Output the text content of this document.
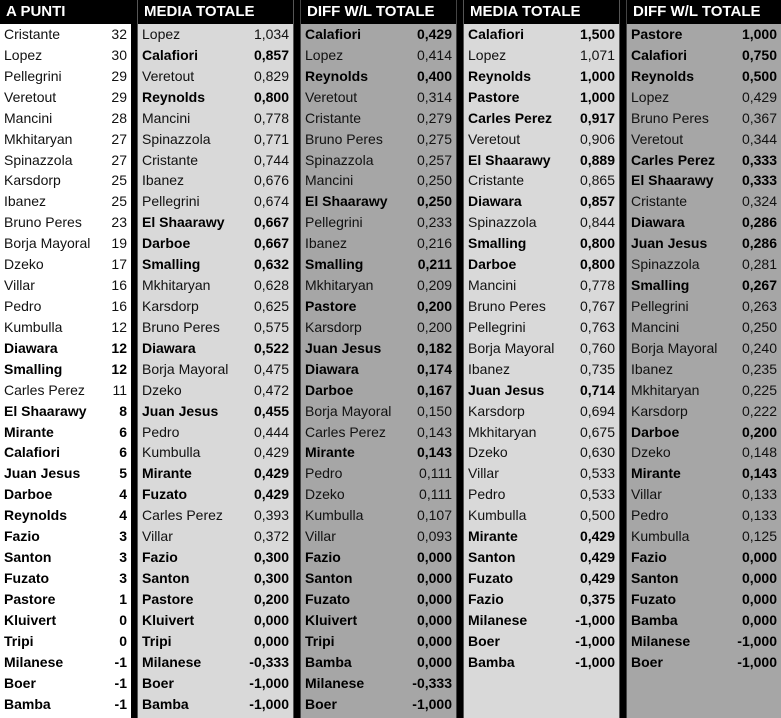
A PUNTI
Cristante	32
Lopez	30
Pellegrini	29
Veretout	29
Mancini	28
Mkhitaryan	27
Spinazzola	27
Karsdorp	25
Ibanez	25
Bruno Peres 23
Borja Mayoral 19
Dzeko	17
Villar	16
Pedro	16
Kumbulla	12
Diawara	12
Smalling	12
Carles Perez 11
El Shaarawy 8
Mirante	6
Calafiori	6
Juan Jesus	5
Darboe	4
Reynolds	4
Fazio	3
Santon	3
Fuzato	3
Pastore	1
Kluivert	0
Tripi	0
Milanese	-1
Boer	-1
Bamba	-1
MEDIA TOTALE
Lopez	1,034
Calafiori	0,857
Veretout	0,829
Reynolds	0,800
Mancini	0,778
Spinazzola	0,771
Cristante	0,744
Ibanez	0,676
Pellegrini	0,674
El Shaarawy 0,667
Darboe	0,667
Smalling	0,632
Mkhitaryan	0,628
Karsdorp	0,625
Bruno Peres 0,575
Diawara	0,522
Borja Mayoral 0,475
Dzeko	0,472
Juan Jesus	0,455
Pedro	0,444
Kumbulla	0,429
Mirante	0,429
Fuzato	0,429
Carles Perez 0,393
Villar	0,372
Fazio	0,300
Santon	0,300
Pastore	0,200
Kluivert	0,000
Tripi	0,000
Milanese	-0,333
Boer	-1,000
Bamba	-1,000
DIFF W/L TOTALE
Calafiori	0,429
Lopez	0,414
Reynolds	0,400
Veretout	0,314
Cristante	0,279
Bruno Peres 0,275
Spinazzola	0,257
Mancini	0,250
El Shaarawy 0,250
Pellegrini	0,233
Ibanez	0,216
Smalling	0,211
Mkhitaryan	0,209
Pastore	0,200
Karsdorp	0,200
Juan Jesus	0,182
Diawara	0,174
Darboe	0,167
Borja Mayoral 0,150
Carles Perez 0,143
Mirante	0,143
Pedro	0,111
Dzeko	0,111
Kumbulla	0,107
Villar	0,093
Fazio	0,000
Santon	0,000
Fuzato	0,000
Kluivert	0,000
Tripi	0,000
Bamba	0,000
Milanese	-0,333
Boer	-1,000
MEDIA TOTALE
Calafiori	1,500
Lopez	1,071
Reynolds	1,000
Pastore	1,000
Carles Perez 0,917
Veretout	0,906
El Shaarawy 0,889
Cristante	0,865
Diawara	0,857
Spinazzola	0,844
Smalling	0,800
Darboe	0,800
Mancini	0,778
Bruno Peres 0,767
Pellegrini	0,763
Borja Mayoral 0,760
Ibanez	0,735
Juan Jesus	0,714
Karsdorp	0,694
Mkhitaryan	0,675
Dzeko	0,630
Villar	0,533
Pedro	0,533
Kumbulla	0,500
Mirante	0,429
Santon	0,429
Fuzato	0,429
Fazio	0,375
Milanese	-1,000
Boer	-1,000
Bamba	-1,000
DIFF W/L TOTALE
Pastore	1,000
Calafiori	0,750
Reynolds	0,500
Lopez	0,429
Bruno Peres 0,367
Veretout	0,344
Carles Perez 0,333
El Shaarawy 0,333
Cristante	0,324
Diawara	0,286
Juan Jesus 0,286
Spinazzola	0,281
Smalling	0,267
Pellegrini	0,263
Mancini	0,250
Borja Mayoral 0,240
Ibanez	0,235
Mkhitaryan	0,225
Karsdorp	0,222
Darboe	0,200
Dzeko	0,148
Mirante	0,143
Villar	0,133
Pedro	0,133
Kumbulla	0,125
Fazio	0,000
Santon	0,000
Fuzato	0,000
Bamba	0,000
Milanese	-1,000
Boer	-1,000
